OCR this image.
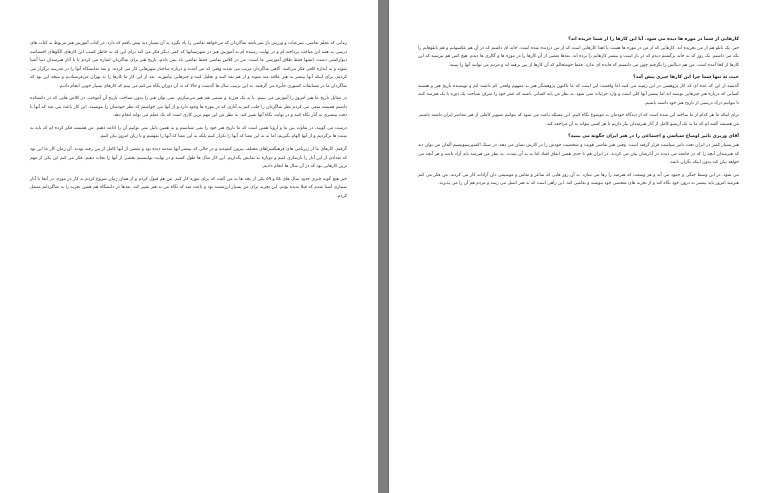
زمانی که معلم نقاشی، شرعیات و ورزش باز نمی‌باشد شاگردان که می‌خواهد نقاشی را یاد بگیرد به آن بسیار دید پیش یافتم که دارد. در کتاب آموزش هنر مربوط به کتاب های درسی به همه این مباحث پرداخته ام و در نهایت رسیده ام به آموزش هنر در شهرستانها که کمی دیگر فکر می کند برای این که به خاطر کسب این کارهای الگوهای اختصاصه دیوارکشی دشت. ایشها فقط طلاق آموزشی ما است. من در کلاس نقاشی فقط نقاشی یاد نمی دادم، تاریخ هنر برای شاگردان اشاره می کردم تا با آثار هنرمندان دنیا آشنا شوند و به اندازه کافی فکر می‌کنند. گاهی شاگردان مرتب می شدند وقتی که می آمدند و درباره ساختار شهرهایی کار می کردند. و بعد نمایشگاه آنها را در مدرسه برگزار می کردیم. برای اینکه آنها بیشتر به هنر علاقه مند شوند و از هم نقد کنند و تحلیل کنند و چیزهایی بیاموزند. بعد از این کار ما کارها را به تهران می‌فرستادیم و نتیجه این بود که شاگردان ما در مسابقات کشوری جایزه می گرفتند. به این ترتیب سال ها گذشت و حالا که به آن دوران نگاه می‌کنم می بینم که کارهای بسیار خوبی انجام دادیم.

در مقابل تاریخ ما هنر امروز را آموزش می بینیم. با به یک فرزند و شیمی هم هنر می‌سازیم. نمی توان هنر را بدون شناخت تاریخ آن آموخت. در کلاس هایی که در دانشکده داشتم همیشه سعی می کردم نظر شاگردان را جلب کنم به آثاری که در موزه ها وجود دارد و از آنها می خواستم که نظر خودشان را بنویسند. این کار باعث می شد که آنها با دقت بیشتری به آثار نگاه کنند و در نهایت نگاه آنها تغییر کند. به نظر من این مهم ترین کاری است که یک معلم می تواند انجام دهد.

درست می گویید. در تفاوت بین ما و اروپا همین است که ما تاریخ هنر خود را نمی شناسیم و به همین دلیل نمی توانیم آن را ادامه دهیم. من همیشه فکر کرده ام که باید به سنت ها برگردیم و از آنها الهام بگیریم، اما نه به این معنا که آنها را تکرار کنیم بلکه به این معنا که آنها را بفهمیم و با زبان امروز بیان کنیم.

گرفتم. کارهای ما از زیربامی های فرهنگسراهای مختلف بیرون کشیدند و در حالی که بیشتر آنها صدمه دیده بود و بعضی از آنها کامل از بین رفته بودند. آن زمان کار ما این بود که تعدادی از این آثار را بازسازی کنیم و دوباره به نمایش بگذاریم. این کار سال ها طول کشید و در نهایت توانستیم بخشی از آنها را نجات دهیم. فکر می کنم این یکی از مهم ترین کارهایی بود که در آن سال ها انجام دادیم.

خیر هیچ گونه چیزی حدود سال های ۵۸ و ۵۹ یکی از بچه ها به من گفت که برای موزه کار کنم. من هم قبول کردم و از همان زمان شروع کردم به کار در موزه. در آنجا با آثار بسیاری آشنا شدم که قبلا ندیده بودم. این تجربه برای من بسیار ارزشمند بود و باعث شد که نگاه من به هنر تغییر کند. بعدها در دانشگاه هم همین تجربه را به شاگردانم منتقل کردم.

کارهایی از شما در موزه ها دیده می شود. آیا این کارها را از شما خریده اند؟

خیر. یک تابلو هم از من نخریده اند. کارهایی که از من در موزه ها هست یا اهدا کارهایی است که از من دزدیده شده است. خانه ای داشتم که در آن هم عکسهایم و هم تابلوهایم را نگه می داشتم. یک روز که به خانه برگشتم دیدم که در باز است و بیشتر کارهایم را برده اند. بعدها بعضی از آن کارها را در موزه ها و گالری ها دیدم. هیچ کس هم نپرسید که این کارها از کجا آمده است. من هم دنبالش را نگرفتم چون می دانستم که فایده ای ندارد. فقط خوشحالم که آن کارها از بین نرفته اند و مردم می توانند آنها را ببینند.

حیث نه تنها شما چرا این کارها چیزی پیش آمد؟

گذشته از این که عده ای که کار پژوهشی در این زمینه می کنند اما واقعیت این است که ما تاکنون پژوهشگر هنر به مفهوم واقعی کم داشته ایم و نویسنده تاریخ هنر و هستند کسانی که درباره هنر چیزهایی نوشته اند اما بیشتر آنها کلی است و وارد جزئیات نمی شود. به نظر من باید کسانی باشند که عمر خود را صرف شناخت یک دوره یا یک هنرمند کنند تا بتوانیم درک درستی از تاریخ هنر خود داشته باشیم.

برای اینکه ما هر کدام از ما ساخته این شده است که از دیدگاه خودمان به موضوع نگاه کنیم. این مسئله باعث می شود که نتوانیم تصویر کاملی از هنر معاصر ایران داشته باشیم. من همیشه گفته ام که ما به یک آرشیو کامل از آثار هنرمندان نیاز داریم تا هر کسی بتواند به آن مراجعه کند.

آقای وزیری تاثیر اوضاع سیاسی و اجتماعی را در هنر ایران چگونه می بینید؟

هنر بسیار کمتر در ایران تحت تاثیر سیاست قرار گرفته است. وقتی هنر نقاشی هویت و شخصیت خودش را در کارش نشان می دهد. در سبک اکسپرسیونیسم آلمان می توان دید که هنرمندان آنچه را که در جامعه می دیدند در آثارشان بیان می کردند. در ایران هم تا حدی همین اتفاق افتاد اما نه به آن شدت. به نظر من هنرمند باید آزاد باشد و هر آنچه می خواهد بیان کند بدون اینکه نگران باشد.

می شود. در این وسط جنگی و جمود می آید و هر وسعت که هنرمند را رها می سازد. نه آن روز هایی که شاعر و نقاش و موسیقی دان آزادانه کار می کردند. من فکر می کنم هنرمند امروز باید بیشتر به درون خود نگاه کند و از تجربه های شخصی خود بنویسد و نقاشی کند. این راهی است که به هنر اصیل می رسد و مردم هم آن را می پذیرند.
